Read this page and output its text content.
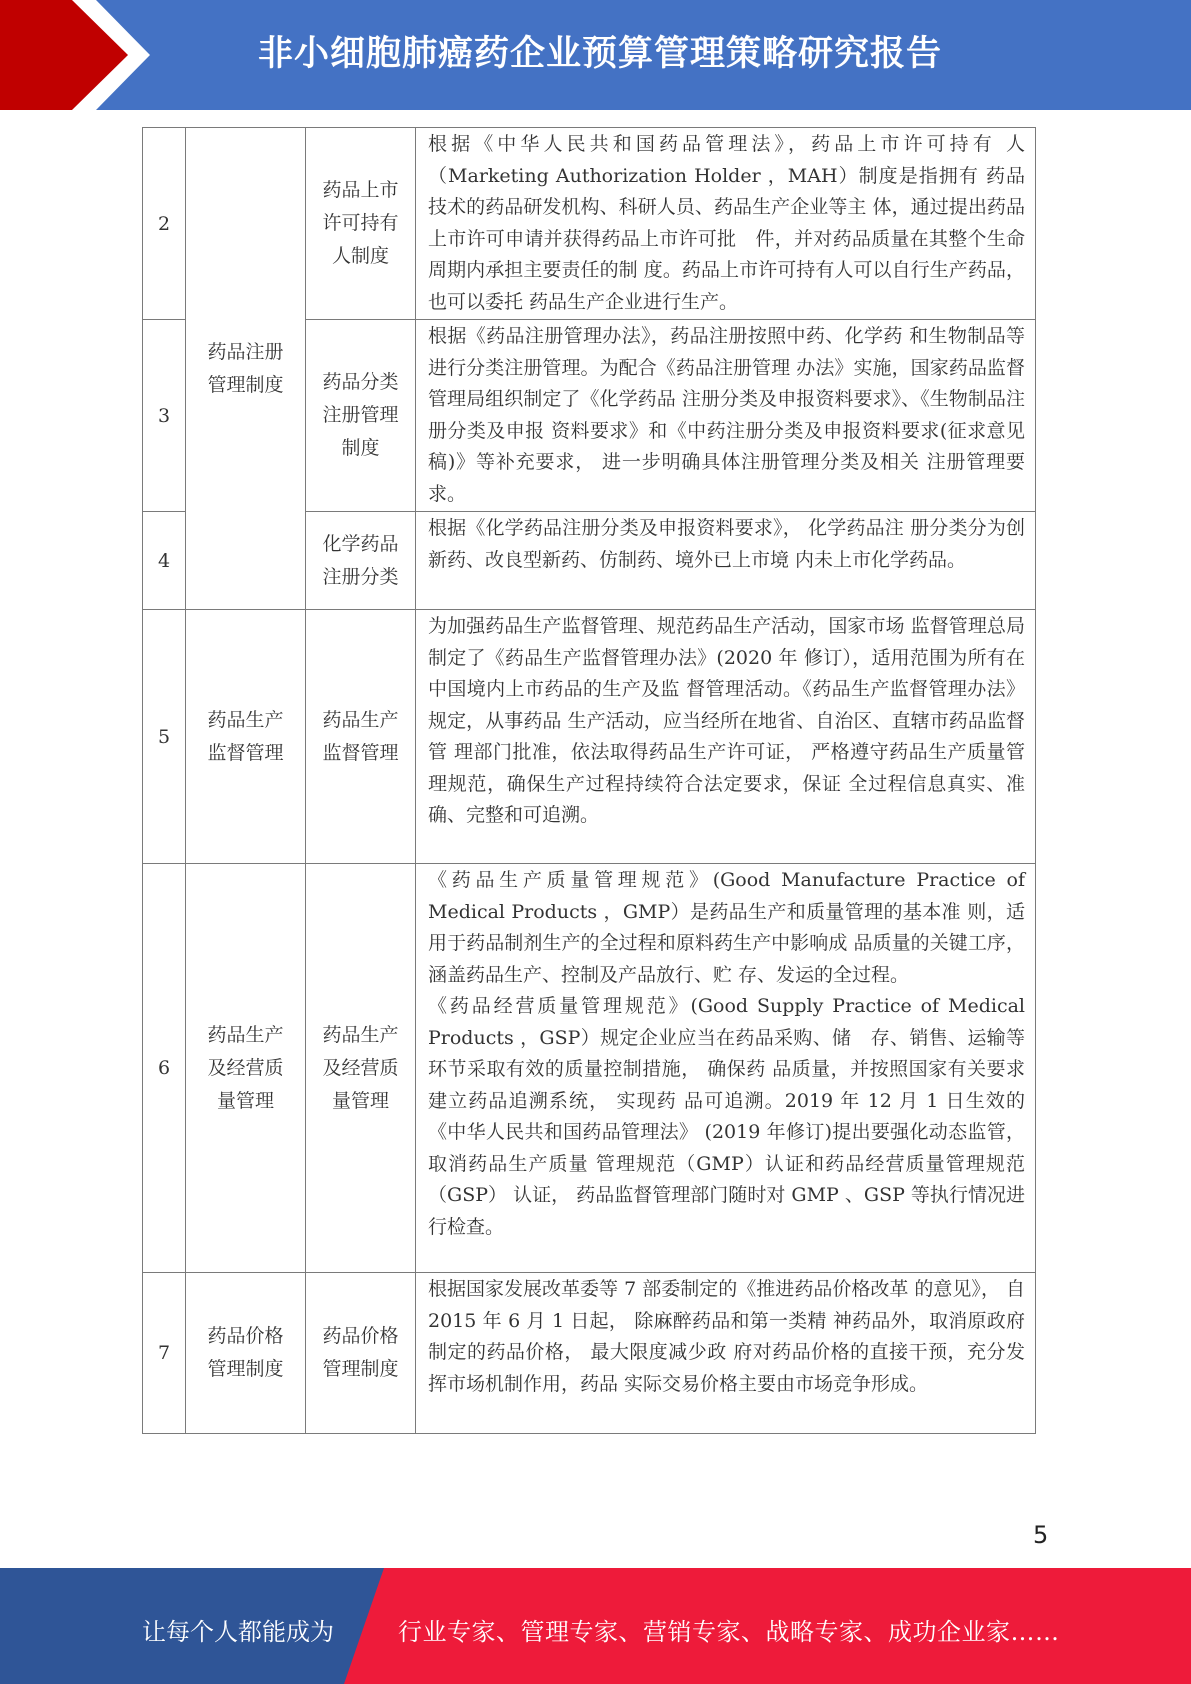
非小细胞肺癌药企业预算管理策略研究报告
2	药品注册管理制度	药品上市许可持有人制度	根据《中华人民共和国药品管理法》，药品上市许可持有 人（Marketing Authorization Holder ，MAH）制度是指拥有 药品技术的药品研发机构、科研人员、药品生产企业等主 体，通过提出药品上市许可申请并获得药品上市许可批　件，并对药品质量在其整个生命周期内承担主要责任的制 度。药品上市许可持有人可以自行生产药品， 也可以委托 药品生产企业进行生产。
3		药品分类注册管理制度	根据《药品注册管理办法》，药品注册按照中药、化学药 和生物制品等进行分类注册管理。为配合《药品注册管理 办法》实施，国家药品监督管理局组织制定了《化学药品 注册分类及申报资料要求》、《生物制品注册分类及申报 资料要求》和《中药注册分类及申报资料要求(征求意见 稿)》等补充要求， 进一步明确具体注册管理分类及相关 注册管理要求。
4		化学药品注册分类	根据《化学药品注册分类及申报资料要求》， 化学药品注 册分类分为创新药、改良型新药、仿制药、境外已上市境 内未上市化学药品。
5	药品生产监督管理	药品生产监督管理	为加强药品生产监督管理、规范药品生产活动，国家市场 监督管理总局制定了《药品生产监督管理办法》(2020 年 修订），适用范围为所有在中国境内上市药品的生产及监 督管理活动。《药品生产监督管理办法》规定，从事药品 生产活动，应当经所在地省、自治区、直辖市药品监督管 理部门批准，依法取得药品生产许可证， 严格遵守药品生产质量管理规范，确保生产过程持续符合法定要求，保证 全过程信息真实、准确、完整和可追溯。
6	药品生产及经营质量管理	药品生产及经营质量管理	《药品生产质量管理规范》(Good Manufacture Practice of Medical Products ，GMP）是药品生产和质量管理的基本准 则，适用于药品制剂生产的全过程和原料药生产中影响成 品质量的关键工序， 涵盖药品生产、控制及产品放行、贮 存、发运的全过程。
《药品经营质量管理规范》(Good Supply Practice of Medical Products ，GSP）规定企业应当在药品采购、储　存、销售、运输等环节采取有效的质量控制措施， 确保药 品质量，并按照国家有关要求建立药品追溯系统， 实现药 品可追溯。2019 年 12 月 1 日生效的《中华人民共和国药品管理法》 (2019 年修订)提出要强化动态监管，取消药品生产质量 管理规范（GMP）认证和药品经营质量管理规范（GSP） 认证， 药品监督管理部门随时对 GMP 、GSP 等执行情况进 行检查。

7	药品价格管理制度	药品价格管理制度	根据国家发展改革委等 7 部委制定的《推进药品价格改革 的意见》， 自 2015 年 6 月 1 日起， 除麻醉药品和第一类精 神药品外，取消原政府制定的药品价格， 最大限度减少政 府对药品价格的直接干预，充分发挥市场机制作用，药品 实际交易价格主要由市场竞争形成。
5
让每个人都能成为	行业专家、管理专家、营销专家、战略专家、成功企业家……
